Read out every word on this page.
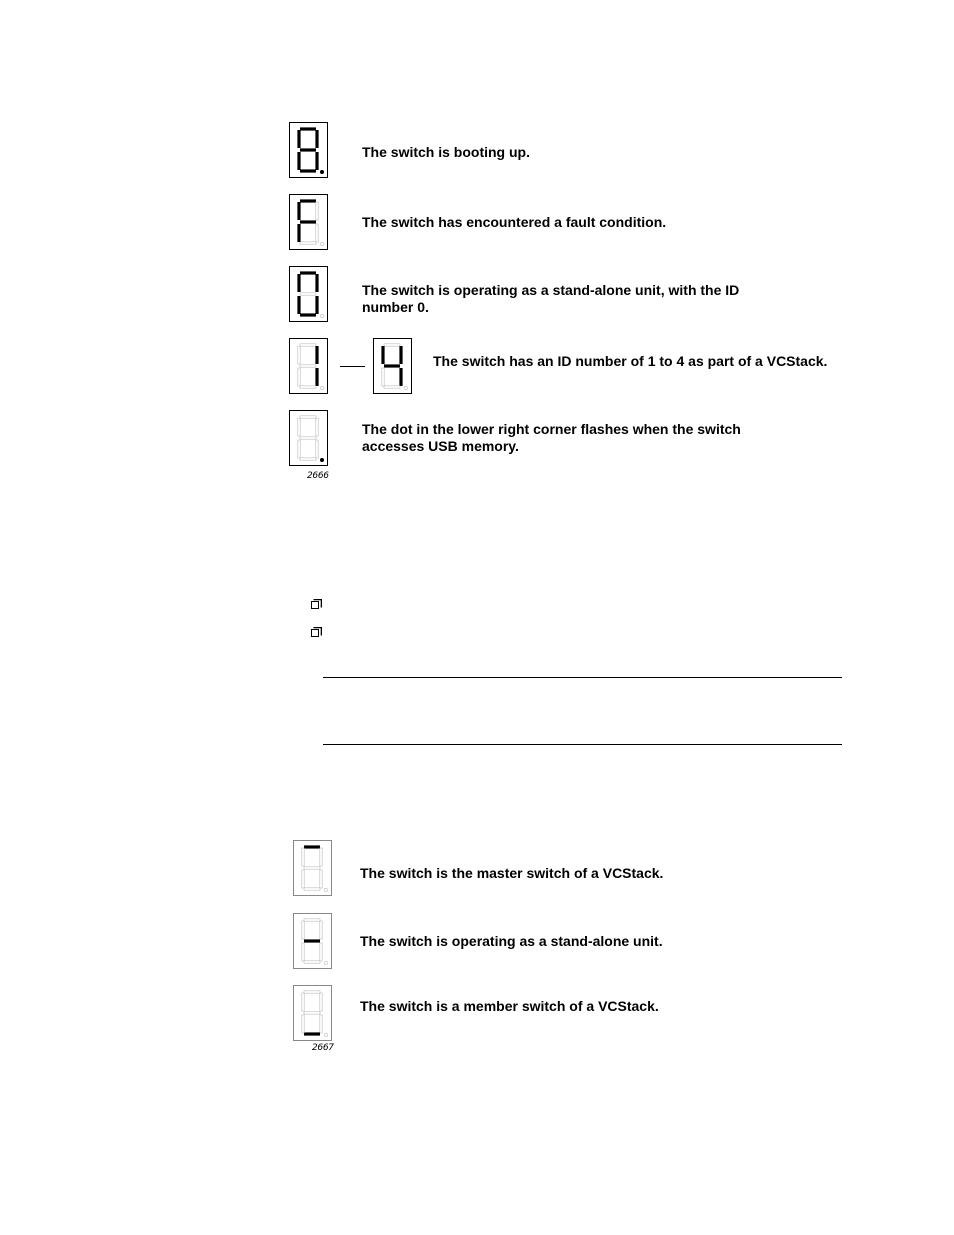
The switch is booting up.
The switch has encountered a fault condition.
The switch is operating as a stand-alone unit, with the ID
number 0.
The switch has an ID number of 1 to 4 as part of a VCStack.
The dot in the lower right corner flashes when the switch
accesses USB memory.
2666
The switch is the master switch of a VCStack.
The switch is operating as a stand-alone unit.
The switch is a member switch of a VCStack.
2667
